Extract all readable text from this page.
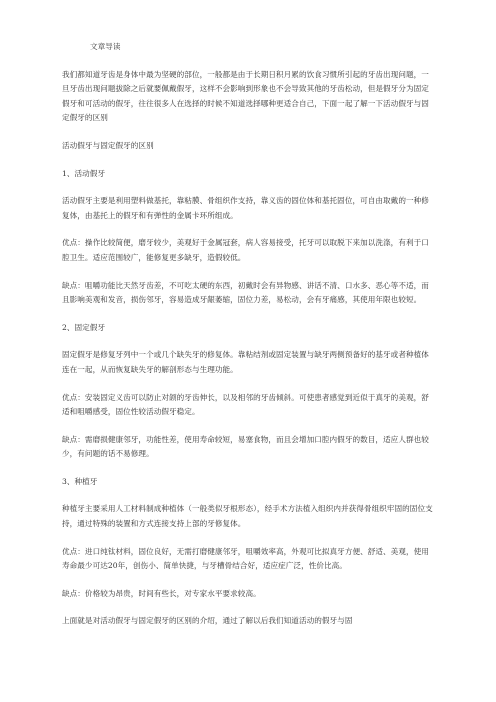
文章导读
我们都知道牙齿是身体中最为坚硬的部位，一般都是由于长期日积月累的饮食习惯所引起的牙齿出现问题，一旦牙齿出现问题拔除之后就要佩戴假牙，这样不会影响到形象也不会导致其他的牙齿松动，但是假牙分为固定假牙和可活动的假牙，往往很多人在选择的时候不知道选择哪种更适合自己，下面一起了解一下活动假牙与固定假牙的区别
活动假牙与固定假牙的区别
1、活动假牙
活动假牙主要是利用塑料做基托，靠粘膜、骨组织作支持，靠义齿的固位体和基托固位，可自由取戴的一种修复体，由基托上的假牙和有弹性的金属卡环所组成。
优点：操作比较简便，磨牙较少，美观好于金属冠套，病人容易接受，托牙可以取脱下来加以洗涤，有利于口腔卫生。适应范围较广，能修复更多缺牙，造假较低。
缺点：咀嚼功能比天然牙齿差，不可吃太硬的东西，初戴时会有异物感、讲话不清、口水多、恶心等不适，而且影响美观和发音，损伤邻牙，容易造成牙龈萎缩，固位力差，易松动，会有牙痛感，其使用年限也较短。
2、固定假牙
固定假牙是修复牙列中一个或几个缺失牙的修复体。靠粘结剂或固定装置与缺牙两侧预备好的基牙或者种植体连在一起，从而恢复缺失牙的解剖形态与生理功能。
优点：安装固定义齿可以防止对颌的牙齿伸长，以及相邻的牙齿倾斜。可使患者感觉到近似于真牙的美观，舒适和咀嚼感受，固位性较活动假牙稳定。
缺点：需磨损健康邻牙，功能性差，使用寿命较短，易塞食物，而且会增加口腔内假牙的数目，适应人群也较少，有问题的话不易修理。
3、种植牙
种植牙主要采用人工材料制成种植体（一般类似牙根形态），经手术方法植入组织内并获得骨组织牢固的固位支持，通过特殊的装置和方式连接支持上部的牙修复体。
优点：进口纯钛材料，固位良好，无需打磨健康邻牙，咀嚼效率高，外观可比拟真牙方便、舒适、美观，使用寿命最少可达20年，创伤小、简单快捷，与牙槽骨结合好，适应症广泛，性价比高。
缺点：价格较为昂贵，时间有些长，对专家水平要求较高。
上面就是对活动假牙与固定假牙的区别的介绍，通过了解以后我们知道活动的假牙与固
